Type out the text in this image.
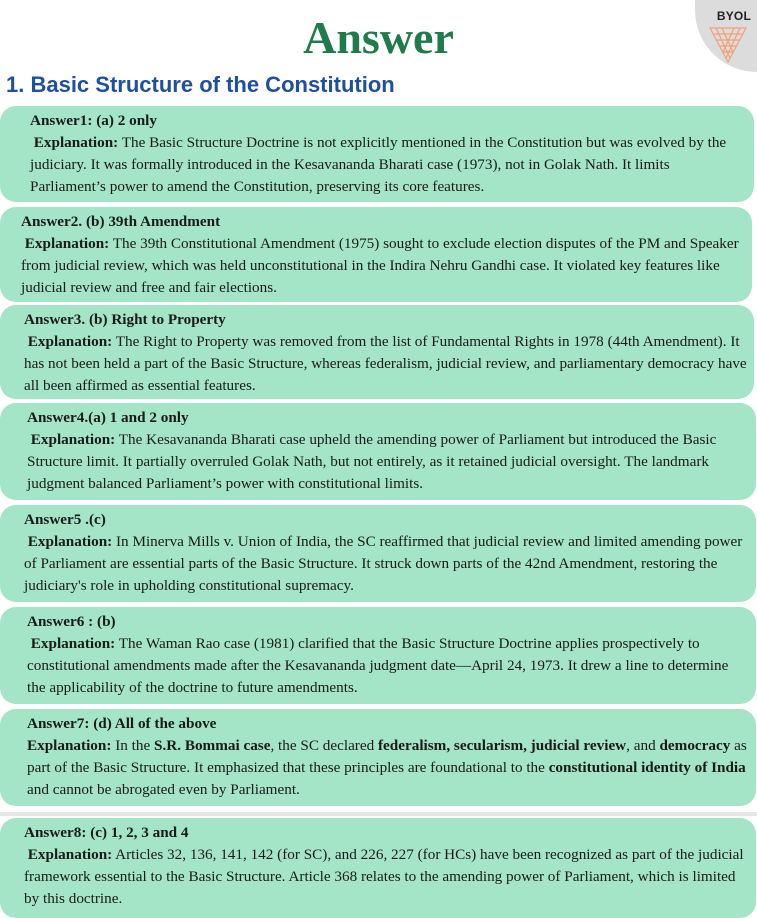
BYOL
Answer
1. Basic Structure of the Constitution
Answer1: (a) 2 only

Explanation: The Basic Structure Doctrine is not explicitly mentioned in the Constitution but was evolved by the judiciary. It was formally introduced in the Kesavananda Bharati case (1973), not in Golak Nath. It limits Parliament’s power to amend the Constitution, preserving its core features.

Answer2. (b) 39th Amendment

Explanation: The 39th Constitutional Amendment (1975) sought to exclude election disputes of the PM and Speaker from judicial review, which was held unconstitutional in the Indira Nehru Gandhi case. It violated key features like judicial review and free and fair elections.

Answer3. (b) Right to Property

Explanation: The Right to Property was removed from the list of Fundamental Rights in 1978 (44th Amendment). It has not been held a part of the Basic Structure, whereas federalism, judicial review, and parliamentary democracy have all been affirmed as essential features.

Answer4.(a) 1 and 2 only

Explanation: The Kesavananda Bharati case upheld the amending power of Parliament but introduced the Basic Structure limit. It partially overruled Golak Nath, but not entirely, as it retained judicial oversight. The landmark judgment balanced Parliament’s power with constitutional limits.

Answer5 .(c)

Explanation: In Minerva Mills v. Union of India, the SC reaffirmed that judicial review and limited amending power of Parliament are essential parts of the Basic Structure. It struck down parts of the 42nd Amendment, restoring the judiciary's role in upholding constitutional supremacy.

Answer6 : (b)

Explanation: The Waman Rao case (1981) clarified that the Basic Structure Doctrine applies prospectively to constitutional amendments made after the Kesavananda judgment date—April 24, 1973. It drew a line to determine the applicability of the doctrine to future amendments.

Answer7: (d) All of the above

Explanation: In the S.R. Bommai case, the SC declared federalism, secularism, judicial review, and democracy as part of the Basic Structure. It emphasized that these principles are foundational to the constitutional identity of India and cannot be abrogated even by Parliament.

Answer8: (c) 1, 2, 3 and 4

Explanation: Articles 32, 136, 141, 142 (for SC), and 226, 227 (for HCs) have been recognized as part of the judicial framework essential to the Basic Structure. Article 368 relates to the amending power of Parliament, which is limited by this doctrine.
